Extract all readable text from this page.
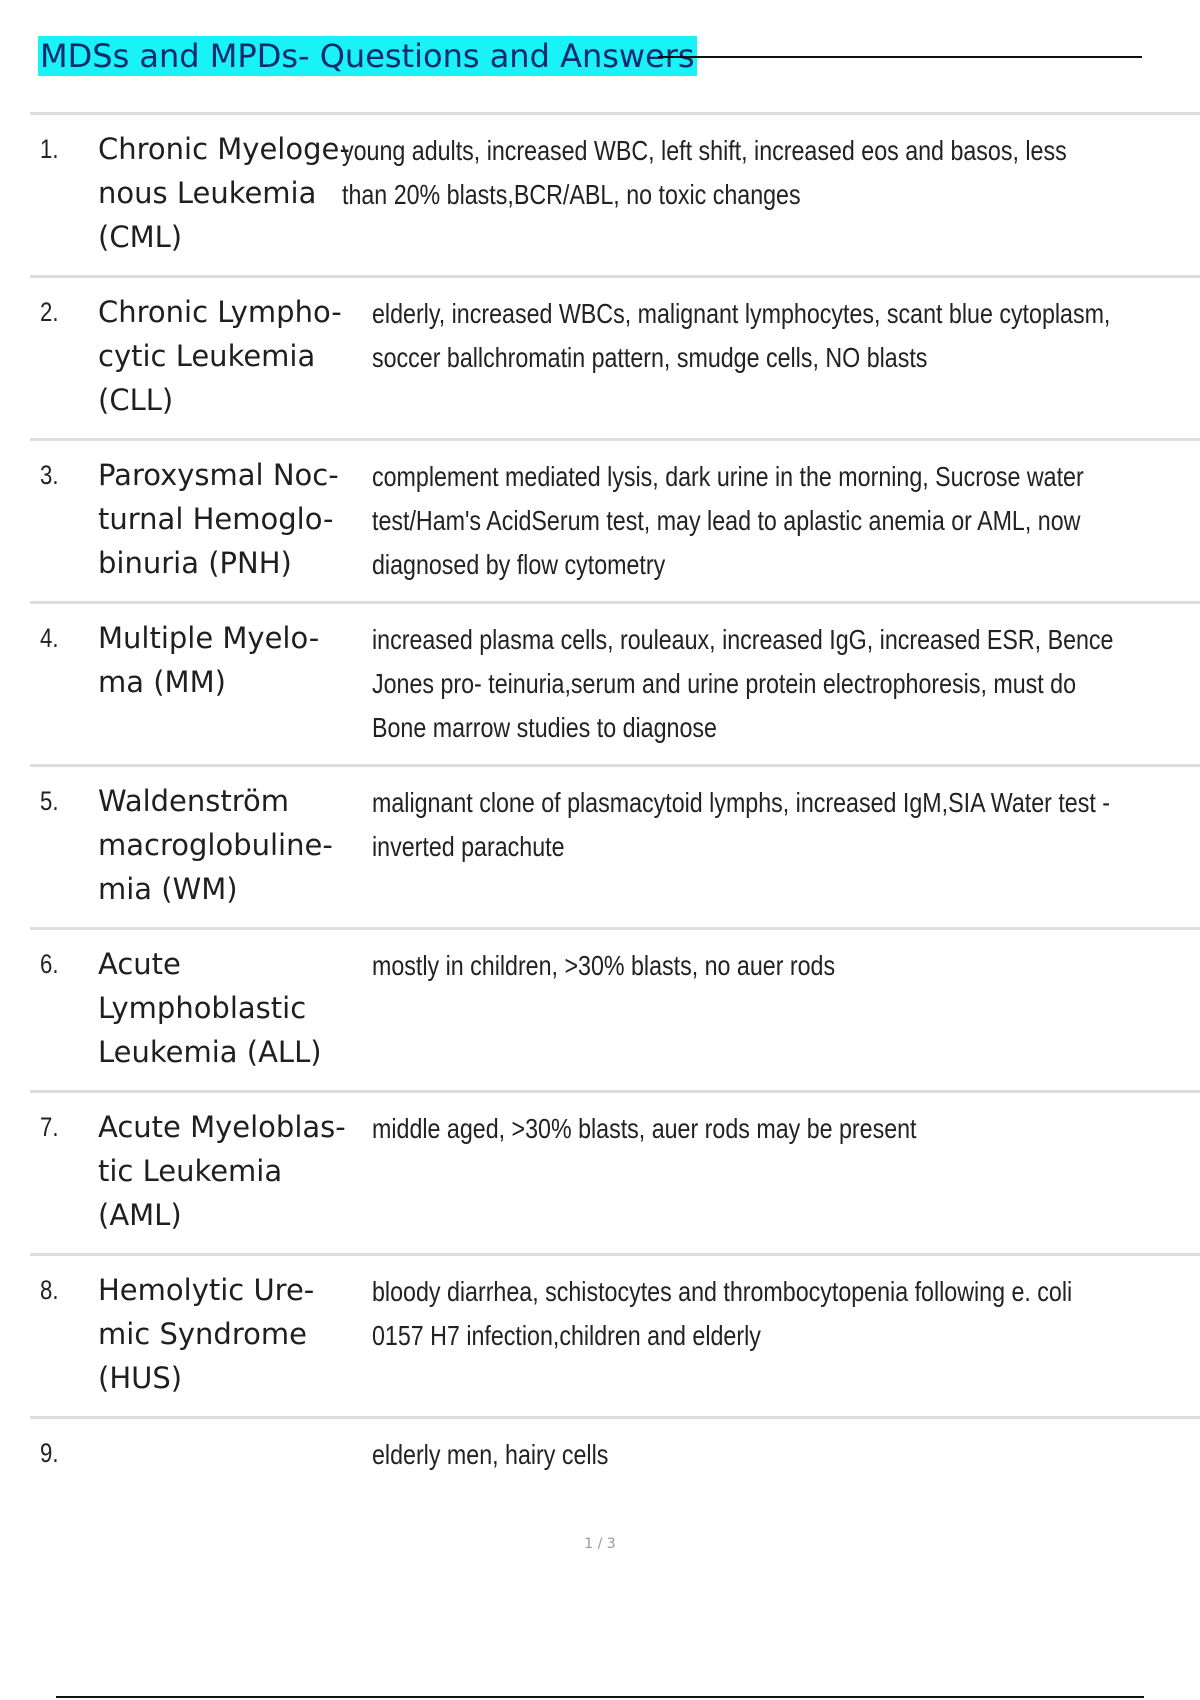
MDSs and MPDs- Questions and Answers
1. Chronic Myeloge-
nous Leukemia
(CML)
young adults, increased WBC, left shift, increased eos and basos, less than 20% blasts,BCR/ABL, no toxic changes
2. Chronic Lympho-
cytic Leukemia
(CLL)
elderly, increased WBCs, malignant lymphocytes, scant blue cytoplasm, soccer ballchromatin pattern, smudge cells, NO blasts
3. Paroxysmal Noc-
turnal Hemoglo-
binuria (PNH)
complement mediated lysis, dark urine in the morning, Sucrose water test/Ham's AcidSerum test, may lead to aplastic anemia or AML, now diagnosed by flow cytometry
4. Multiple Myelo-
ma (MM)
increased plasma cells, rouleaux, increased IgG, increased ESR, Bence Jones pro- teinuria,serum and urine protein electrophoresis, must do Bone marrow studies to diagnose
5. Waldenström
macroglobuline-
mia (WM)
malignant clone of plasmacytoid lymphs, increased IgM,SIA Water test - inverted parachute
6. Acute
Lymphoblastic
Leukemia (ALL)
mostly in children, >30% blasts, no auer rods
7. Acute Myeloblas-
tic Leukemia
(AML)
middle aged, >30% blasts, auer rods may be present
8. Hemolytic Ure-
mic Syndrome
(HUS)
bloody diarrhea, schistocytes and thrombocytopenia following e. coli 0157 H7 infection,children and elderly
9.	elderly men, hairy cells
1 / 3
